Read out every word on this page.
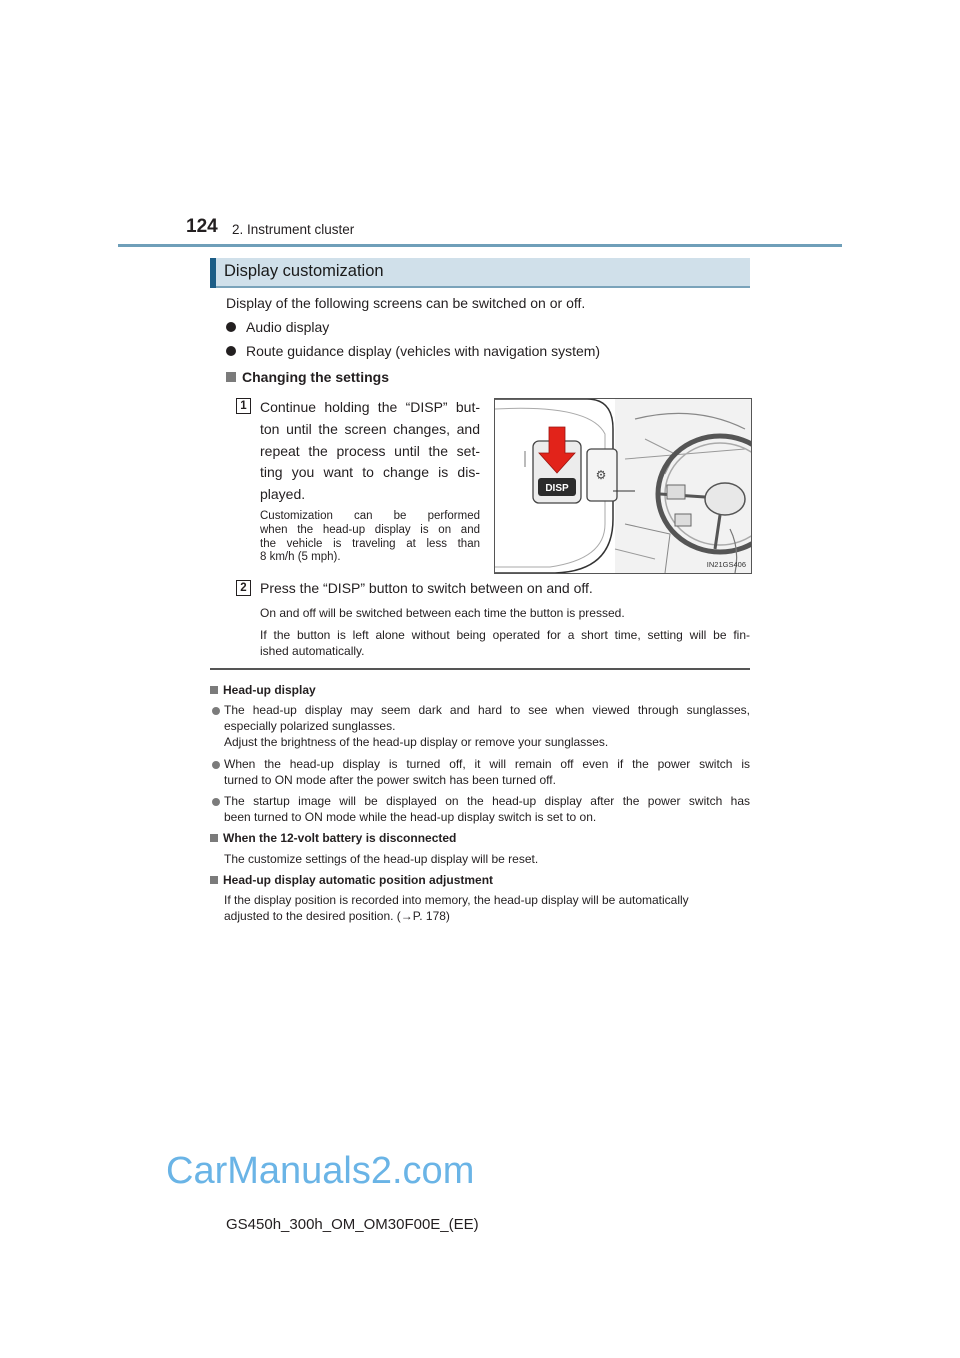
124 2. Instrument cluster
Display customization
Display of the following screens can be switched on or off.
Audio display
Route guidance display (vehicles with navigation system)
Changing the settings
1 Continue holding the “DISP” but-
ton until the screen changes, and
repeat the process until the set-
ting you want to change is dis-
played.
Customization can be performed
when the head-up display is on and
the vehicle is traveling at less than
8 km/h (5 mph).
⚙
DISP
IN21GS406
2 Press the “DISP” button to switch between on and off.
On and off will be switched between each time the button is pressed.
If the button is left alone without being operated for a short time, setting will be fin-
ished automatically.
Head-up display
The head-up display may seem dark and hard to see when viewed through sunglasses,
especially polarized sunglasses.
Adjust the brightness of the head-up display or remove your sunglasses.
When the head-up display is turned off, it will remain off even if the power switch is
turned to ON mode after the power switch has been turned off.
The startup image will be displayed on the head-up display after the power switch has
been turned to ON mode while the head-up display switch is set to on.
When the 12-volt battery is disconnected
The customize settings of the head-up display will be reset.
Head-up display automatic position adjustment
If the display position is recorded into memory, the head-up display will be automatically
adjusted to the desired position. (→P. 178)
CarManuals2.com
GS450h_300h_OM_OM30F00E_(EE)
